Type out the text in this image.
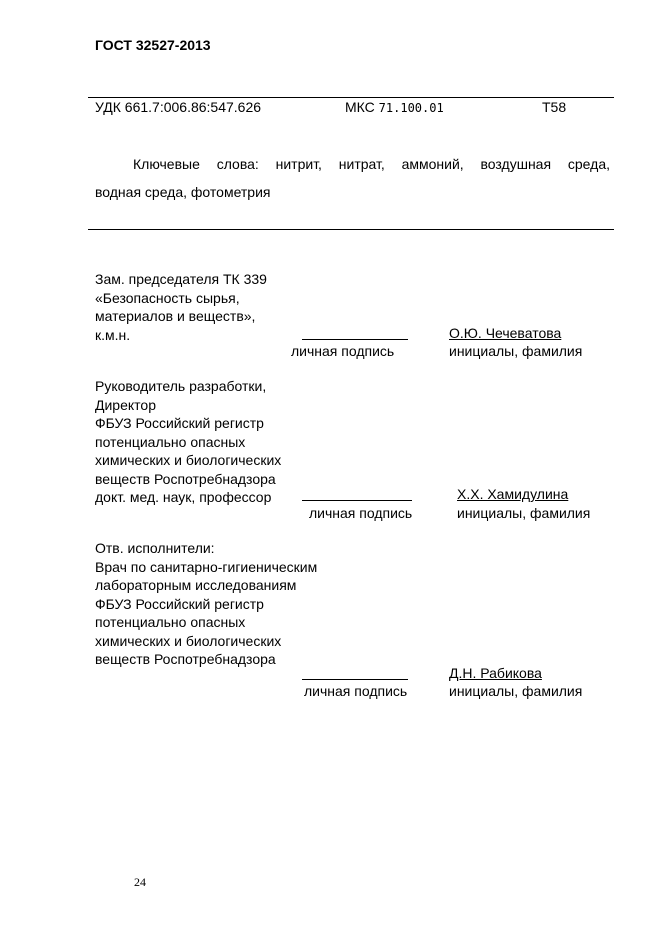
ГОСТ 32527-2013
УДК 661.7:006.86:547.626	МКС 71.100.01	Т58
Ключевые слова: нитрит, нитрат, аммоний, воздушная среда,
водная среда, фотометрия
Зам. председателя ТК 339
«Безопасность сырья,
материалов и веществ»,
к.м.н.
личная подпись
О.Ю. Чечеватова
инициалы, фамилия
Руководитель разработки,
Директор
ФБУЗ Российский регистр
потенциально опасных
химических и биологических
веществ Роспотребнадзора
докт. мед. наук, профессор
личная подпись
Х.Х. Хамидулина
инициалы, фамилия
Отв. исполнители:
Врач по санитарно-гигиеническим
лабораторным исследованиям
ФБУЗ Российский регистр
потенциально опасных
химических и биологических
веществ Роспотребнадзора
личная подпись
Д.Н. Рабикова
инициалы, фамилия
24
